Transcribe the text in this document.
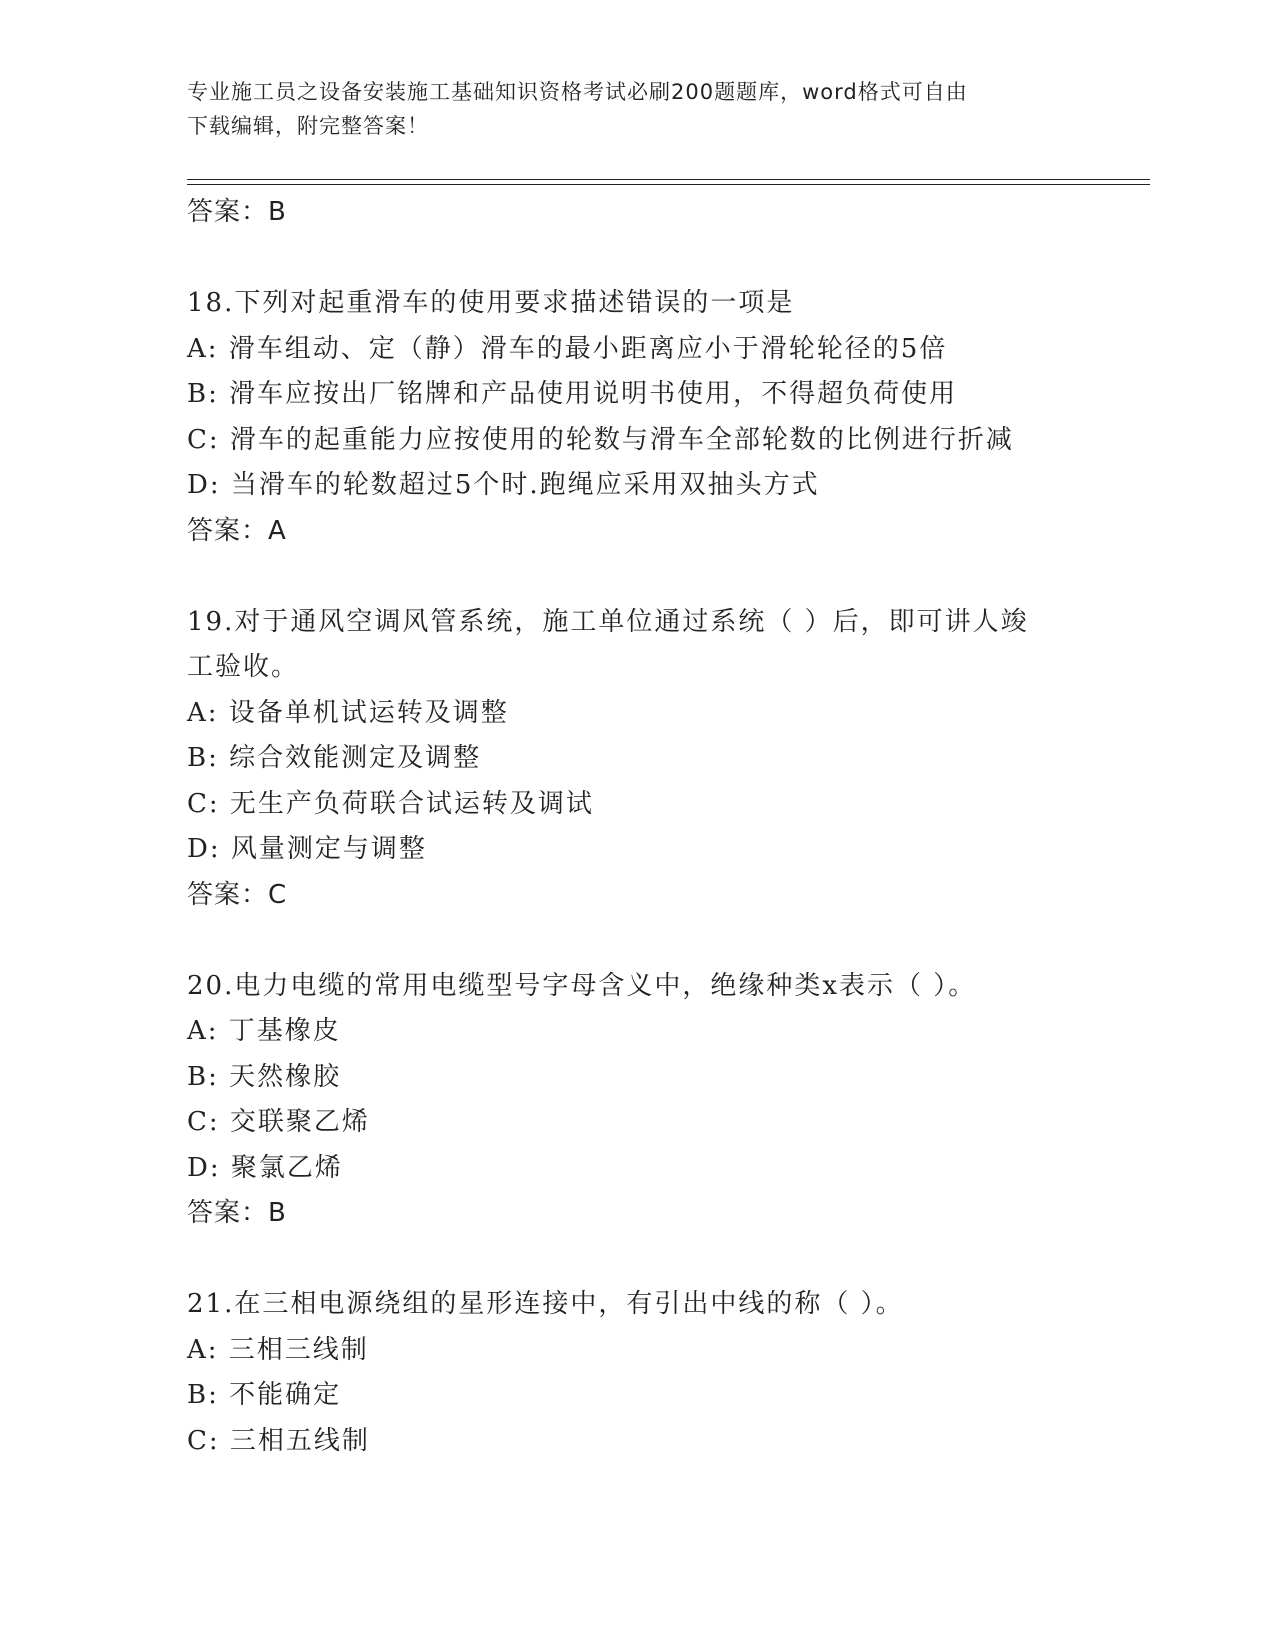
专业施工员之设备安装施工基础知识资格考试必刷200题题库，word格式可自由
下载编辑，附完整答案！
答案：B
18.下列对起重滑车的使用要求描述错误的一项是
A: 滑车组动、定（静）滑车的最小距离应小于滑轮轮径的5倍
B: 滑车应按出厂铭牌和产品使用说明书使用，不得超负荷使用
C: 滑车的起重能力应按使用的轮数与滑车全部轮数的比例进行折减
D: 当滑车的轮数超过5个时.跑绳应采用双抽头方式
答案：A
19.对于通风空调风管系统，施工单位通过系统（ ）后，即可讲人竣
工验收。
A: 设备单机试运转及调整
B: 综合效能测定及调整
C: 无生产负荷联合试运转及调试
D: 风量测定与调整
答案：C
20.电力电缆的常用电缆型号字母含义中，绝缘种类x表示（ ）。
A: 丁基橡皮
B: 天然橡胶
C: 交联聚乙烯
D: 聚氯乙烯
答案：B
21.在三相电源绕组的星形连接中，有引出中线的称（ ）。
A: 三相三线制
B: 不能确定
C: 三相五线制
